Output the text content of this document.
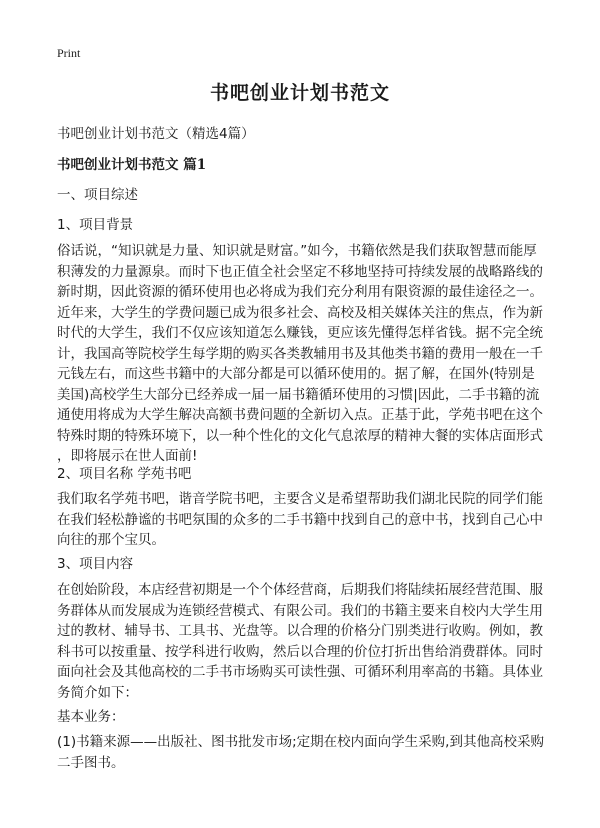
Print
书吧创业计划书范文
书吧创业计划书范文（精选4篇）
书吧创业计划书范文 篇1
一、项目综述
1、项目背景
俗话说，“知识就是力量、知识就是财富。”如今，书籍依然是我们获取智慧而能厚
积薄发的力量源泉。而时下也正值全社会坚定不移地坚持可持续发展的战略路线的
新时期，因此资源的循环使用也必将成为我们充分利用有限资源的最佳途径之一。
近年来，大学生的学费问题已成为很多社会、高校及相关媒体关注的焦点，作为新
时代的大学生，我们不仅应该知道怎么赚钱，更应该先懂得怎样省钱。据不完全统
计，我国高等院校学生每学期的购买各类教辅用书及其他类书籍的费用一般在一千
元钱左右，而这些书籍中的大部分都是可以循环使用的。据了解，在国外(特别是
美国)高校学生大部分已经养成一届一届书籍循环使用的习惯|因此，二手书籍的流
通使用将成为大学生解决高额书费问题的全新切入点。正基于此，学苑书吧在这个
特殊时期的特殊环境下，以一种个性化的文化气息浓厚的精神大餐的实体店面形式
，即将展示在世人面前!
2、项目名称 学苑书吧
我们取名学苑书吧，谐音学院书吧，主要含义是希望帮助我们湖北民院的同学们能
在我们轻松静谧的书吧氛围的众多的二手书籍中找到自己的意中书，找到自己心中
向往的那个宝贝。
3、项目内容
在创始阶段，本店经营初期是一个个体经营商，后期我们将陆续拓展经营范围、服
务群体从而发展成为连锁经营模式、有限公司。我们的书籍主要来自校内大学生用
过的教材、辅导书、工具书、光盘等。以合理的价格分门别类进行收购。例如，教
科书可以按重量、按学科进行收购，然后以合理的价位打折出售给消费群体。同时
面向社会及其他高校的二手书市场购买可读性强、可循环利用率高的书籍。具体业
务简介如下：
基本业务：
(1)书籍来源——出版社、图书批发市场;定期在校内面向学生采购,到其他高校采购
二手图书。
